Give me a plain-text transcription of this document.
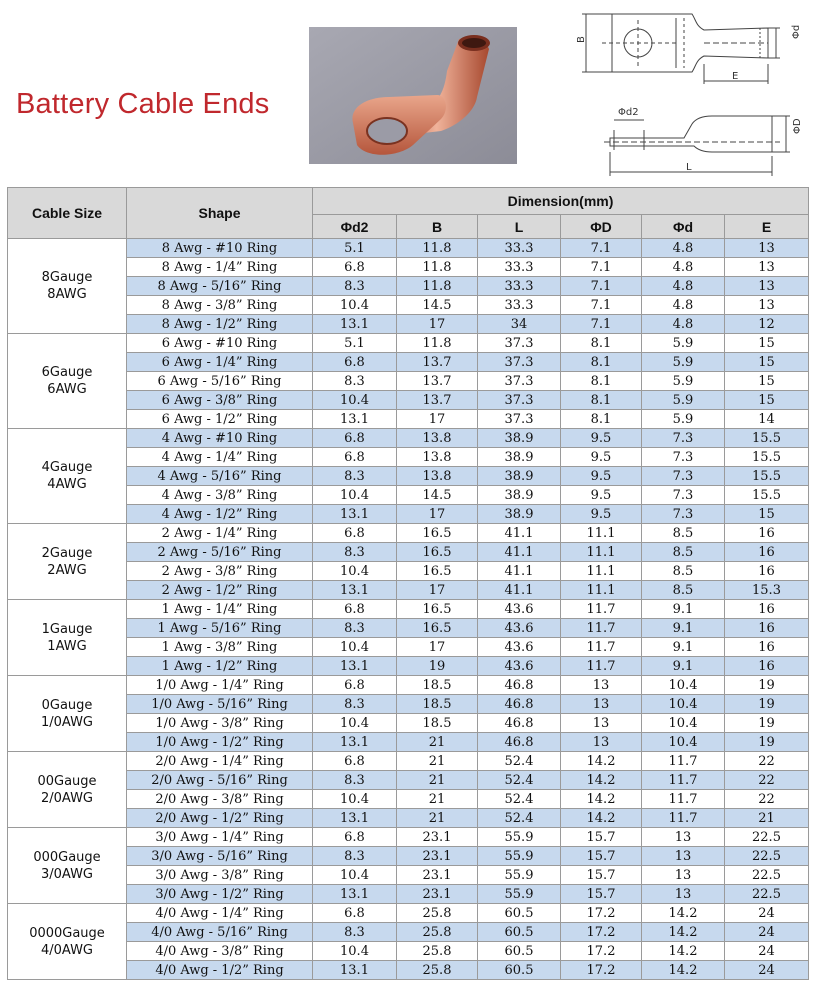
Battery Cable Ends
B
Φd
E
Φd2
ΦD
L
Cable Size	Shape	Dimension(mm)					
		Φd2	B	L	ΦD	Φd	E

8Gauge
8AWG	8 Awg - #10 Ring	5.1	11.8	33.3	7.1	4.8	13
	8 Awg - 1/4” Ring	6.8	11.8	33.3	7.1	4.8	13
	8 Awg - 5/16” Ring	8.3	11.8	33.3	7.1	4.8	13
	8 Awg - 3/8” Ring	10.4	14.5	33.3	7.1	4.8	13
	8 Awg - 1/2” Ring	13.1	17	34	7.1	4.8	12

6Gauge
6AWG	6 Awg - #10 Ring	5.1	11.8	37.3	8.1	5.9	15
	6 Awg - 1/4” Ring	6.8	13.7	37.3	8.1	5.9	15
	6 Awg - 5/16” Ring	8.3	13.7	37.3	8.1	5.9	15
	6 Awg - 3/8” Ring	10.4	13.7	37.3	8.1	5.9	15
	6 Awg - 1/2” Ring	13.1	17	37.3	8.1	5.9	14

4Gauge
4AWG	4 Awg - #10 Ring	6.8	13.8	38.9	9.5	7.3	15.5
	4 Awg - 1/4” Ring	6.8	13.8	38.9	9.5	7.3	15.5
	4 Awg - 5/16” Ring	8.3	13.8	38.9	9.5	7.3	15.5
	4 Awg - 3/8” Ring	10.4	14.5	38.9	9.5	7.3	15.5
	4 Awg - 1/2” Ring	13.1	17	38.9	9.5	7.3	15

2Gauge
2AWG	2 Awg - 1/4” Ring	6.8	16.5	41.1	11.1	8.5	16
	2 Awg - 5/16” Ring	8.3	16.5	41.1	11.1	8.5	16
	2 Awg - 3/8” Ring	10.4	16.5	41.1	11.1	8.5	16
	2 Awg - 1/2” Ring	13.1	17	41.1	11.1	8.5	15.3

1Gauge
1AWG	1 Awg - 1/4” Ring	6.8	16.5	43.6	11.7	9.1	16
	1 Awg - 5/16” Ring	8.3	16.5	43.6	11.7	9.1	16
	1 Awg - 3/8” Ring	10.4	17	43.6	11.7	9.1	16
	1 Awg - 1/2” Ring	13.1	19	43.6	11.7	9.1	16

0Gauge
1/0AWG	1/0 Awg - 1/4” Ring	6.8	18.5	46.8	13	10.4	19
	1/0 Awg - 5/16” Ring	8.3	18.5	46.8	13	10.4	19
	1/0 Awg - 3/8” Ring	10.4	18.5	46.8	13	10.4	19
	1/0 Awg - 1/2” Ring	13.1	21	46.8	13	10.4	19

00Gauge
2/0AWG	2/0 Awg - 1/4” Ring	6.8	21	52.4	14.2	11.7	22
	2/0 Awg - 5/16” Ring	8.3	21	52.4	14.2	11.7	22
	2/0 Awg - 3/8” Ring	10.4	21	52.4	14.2	11.7	22
	2/0 Awg - 1/2” Ring	13.1	21	52.4	14.2	11.7	21

000Gauge
3/0AWG	3/0 Awg - 1/4” Ring	6.8	23.1	55.9	15.7	13	22.5
	3/0 Awg - 5/16” Ring	8.3	23.1	55.9	15.7	13	22.5
	3/0 Awg - 3/8” Ring	10.4	23.1	55.9	15.7	13	22.5
	3/0 Awg - 1/2” Ring	13.1	23.1	55.9	15.7	13	22.5

0000Gauge
4/0AWG	4/0 Awg - 1/4” Ring	6.8	25.8	60.5	17.2	14.2	24
	4/0 Awg - 5/16” Ring	8.3	25.8	60.5	17.2	14.2	24
	4/0 Awg - 3/8” Ring	10.4	25.8	60.5	17.2	14.2	24
	4/0 Awg - 1/2” Ring	13.1	25.8	60.5	17.2	14.2	24
